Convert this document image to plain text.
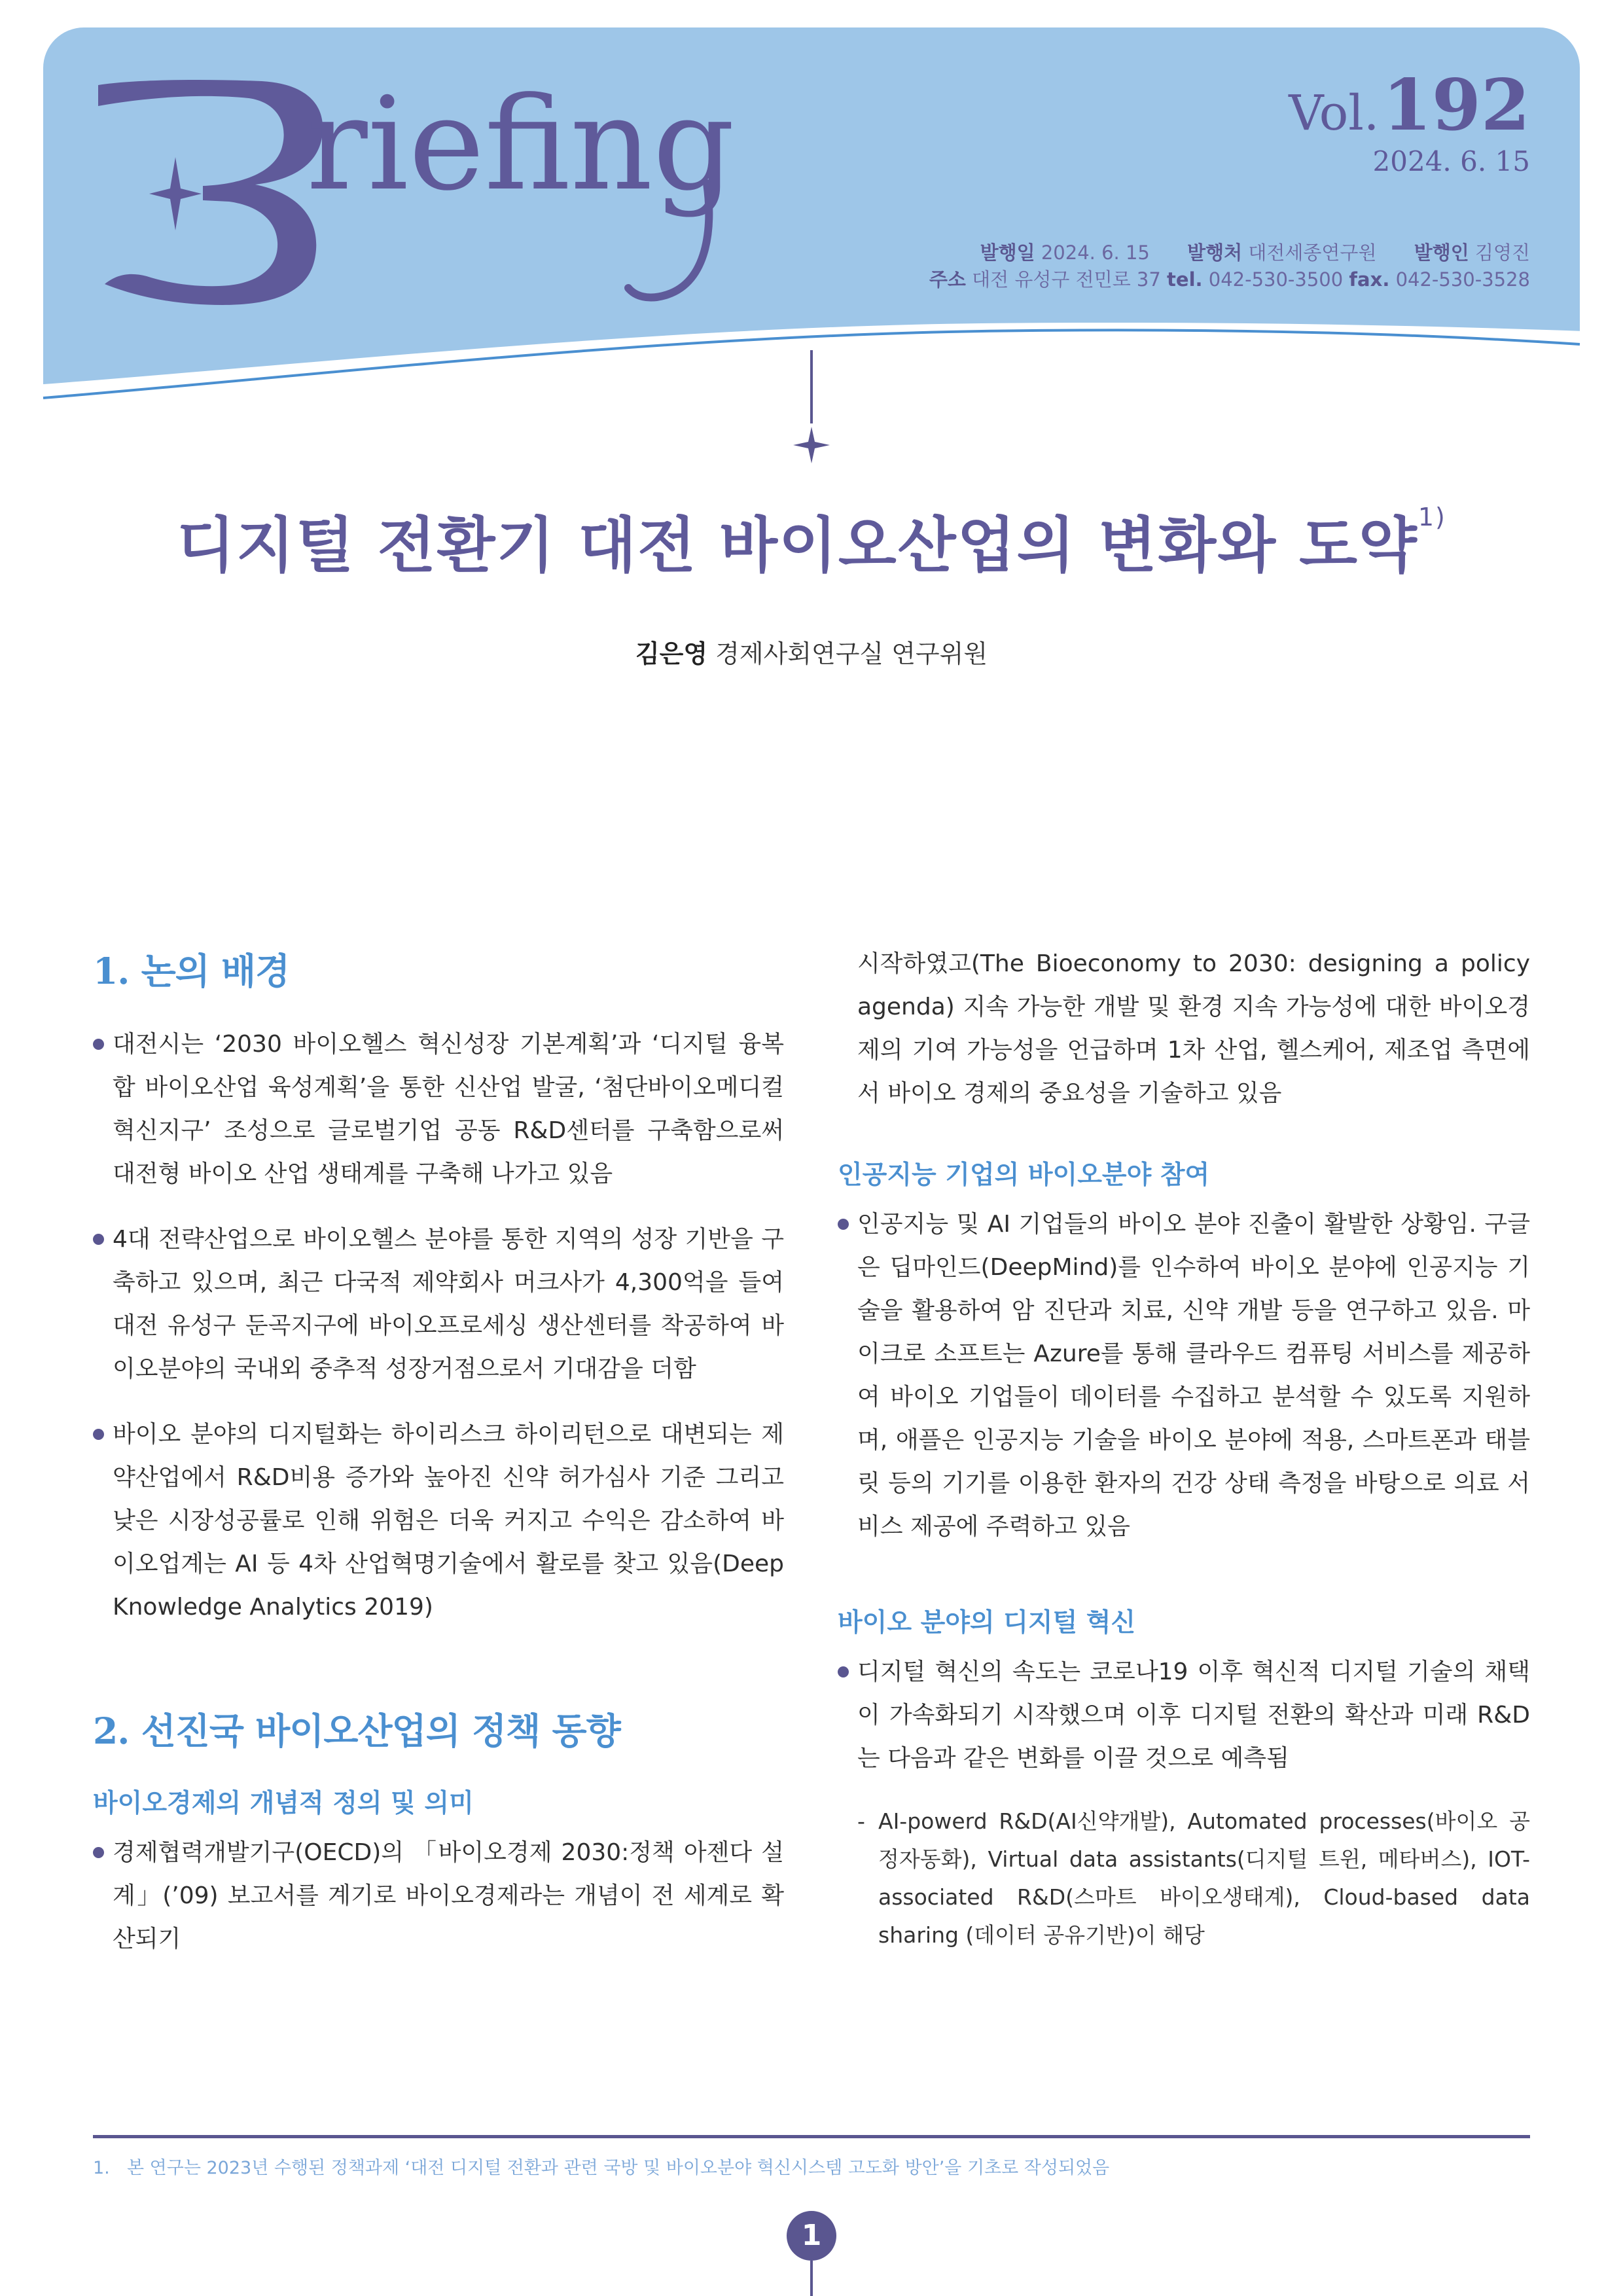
riefing	Vol. 192
2024. 6. 15
발행일 2024. 6. 15 발행처 대전세종연구원 발행인 김영진
주소 대전 유성구 전민로 37 tel. 042-530-3500 fax. 042-530-3528
디지털 전환기 대전 바이오산업의 변화와 도약$^{1)}$
김은영 경제사회연구실 연구위원
1. 논의 배경
대전시는 ‘2030 바이오헬스 혁신성장 기본계획’과 ‘디지털 융복합 바이오산업 육성계획’을 통한 신산업 발굴, ‘첨단바이오메디컬 혁신지구’ 조성으로 글로벌기업 공동 R&D센터를 구축함으로써 대전형 바이오 산업 생태계를 구축해 나가고 있음
4대 전략산업으로 바이오헬스 분야를 통한 지역의 성장 기반을 구축하고 있으며, 최근 다국적 제약회사 머크사가 4,300억을 들여 대전 유성구 둔곡지구에 바이오프로세싱 생산센터를 착공하여 바이오분야의 국내외 중추적 성장거점으로서 기대감을 더함
바이오 분야의 디지털화는 하이리스크 하이리턴으로 대변되는 제약산업에서 R&D비용 증가와 높아진 신약 허가심사 기준 그리고 낮은 시장성공률로 인해 위험은 더욱 커지고 수익은 감소하여 바이오업계는 AI 등 4차 산업혁명기술에서 활로를 찾고 있음(Deep Knowledge Analytics 2019)
2. 선진국 바이오산업의 정책 동향
바이오경제의 개념적 정의 및 의미
경제협력개발기구(OECD)의 「바이오경제 2030:정책 아젠다 설계」(’09) 보고서를 계기로 바이오경제라는 개념이 전 세계로 확산되기
시작하였고(The Bioeconomy to 2030: designing a policy agenda) 지속 가능한 개발 및 환경 지속 가능성에 대한 바이오경제의 기여 가능성을 언급하며 1차 산업, 헬스케어, 제조업 측면에서 바이오 경제의 중요성을 기술하고 있음
인공지능 기업의 바이오분야 참여
인공지능 및 AI 기업들의 바이오 분야 진출이 활발한 상황임. 구글은 딥마인드(DeepMind)를 인수하여 바이오 분야에 인공지능 기술을 활용하여 암 진단과 치료, 신약 개발 등을 연구하고 있음. 마이크로 소프트는 Azure를 통해 클라우드 컴퓨팅 서비스를 제공하여 바이오 기업들이 데이터를 수집하고 분석할 수 있도록 지원하며, 애플은 인공지능 기술을 바이오 분야에 적용, 스마트폰과 태블릿 등의 기기를 이용한 환자의 건강 상태 측정을 바탕으로 의료 서비스 제공에 주력하고 있음
바이오 분야의 디지털 혁신
디지털 혁신의 속도는 코로나19 이후 혁신적 디지털 기술의 채택이 가속화되기 시작했으며 이후 디지털 전환의 확산과 미래 R&D는 다음과 같은 변화를 이끌 것으로 예측됨
- AI-powerd R&D(AI신약개발), Automated processes(바이오 공정자동화), Virtual data assistants(디지털 트윈, 메타버스), IOT-associated R&D(스마트 바이오생태계), Cloud-based data sharing (데이터 공유기반)이 해당
1. 본 연구는 2023년 수행된 정책과제 ‘대전 디지털 전환과 관련 국방 및 바이오분야 혁신시스템 고도화 방안’을 기초로 작성되었음
1
